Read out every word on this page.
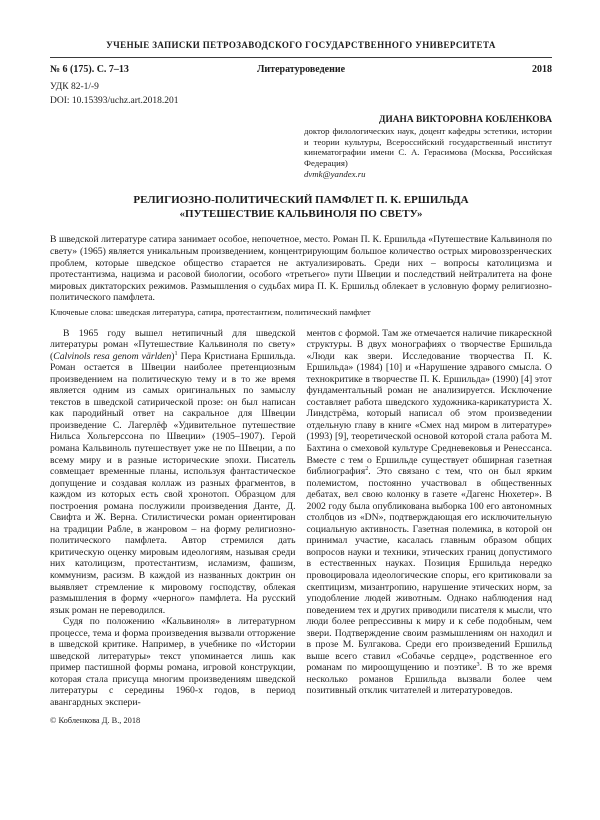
УЧЕНЫЕ ЗАПИСКИ ПЕТРОЗАВОДСКОГО ГОСУДАРСТВЕННОГО УНИВЕРСИТЕТА
№ 6 (175). С. 7–13	Литературоведение	2018
УДК 82-1/-9
DOI: 10.15393/uchz.art.2018.201
ДИАНА ВИКТОРОВНА КОБЛЕНКОВА
доктор филологических наук, доцент кафедры эстетики, истории и теории культуры, Всероссийский государственный институт кинематографии имени С. А. Герасимова (Москва, Российская Федерация)
dvmk@yandex.ru
РЕЛИГИОЗНО-ПОЛИТИЧЕСКИЙ ПАМФЛЕТ П. К. ЕРШИЛЬДА
«ПУТЕШЕСТВИЕ КАЛЬВИНОЛЯ ПО СВЕТУ»
В шведской литературе сатира занимает особое, непочетное, место. Роман П. К. Ершильда «Путешествие Кальвиноля по свету» (1965) является уникальным произведением, концентрирующим большое количество острых мировоззренческих проблем, которые шведское общество старается не актуализировать. Среди них – вопросы католицизма и протестантизма, нацизма и расовой биологии, особого «третьего» пути Швеции и последствий нейтралитета на фоне мировых диктаторских режимов. Размышления о судьбах мира П. К. Ершильд облекает в условную форму религиозно-политического памфлета.
Ключевые слова: шведская литература, сатира, протестантизм, политический памфлет

В 1965 году вышел нетипичный для шведской литературы роман «Путешествие Кальвиноля по свету» (Calvinols resa genom världen)$^1$ Пера Кристиана Ершильда. Роман остается в Швеции наиболее претенциозным произведением на политическую тему и в то же время является одним из самых оригинальных по замыслу текстов в шведской сатирической прозе: он был написан как пародийный ответ на сакральное для Швеции произведение С. Лагерлёф «Удивительное путешествие Нильса Хольгерссона по Швеции» (1905–1907). Герой романа Кальвиноль путешествует уже не по Швеции, а по всему миру и в разные исторические эпохи. Писатель совмещает временные планы, используя фантастическое допущение и создавая коллаж из разных фрагментов, в каждом из которых есть свой хронотоп. Образцом для построения романа послужили произведения Данте, Д. Свифта и Ж. Верна. Стилистически роман ориентирован на традиции Рабле, в жанровом – на форму религиозно-политического памфлета. Автор стремился дать критическую оценку мировым идеологиям, называя среди них католицизм, протестантизм, исламизм, фашизм, коммунизм, расизм. В каждой из названных доктрин он выявляет стремление к мировому господству, облекая размышления в форму «черного» памфлета. На русский язык роман не переводился.

Судя по положению «Кальвиноля» в литературном процессе, тема и форма произведения вызвали отторжение в шведской критике. Например, в учебнике по «Истории шведской литературы» текст упоминается лишь как пример пастишной формы романа, игровой конструкции, которая стала присуща многим произведениям шведской литературы с середины 1960-х годов, в период авангардных экспери-

ментов с формой. Там же отмечается наличие пикарескной структуры. В двух монографиях о творчестве Ершильда «Люди как звери. Исследование творчества П. К. Ершильда» (1984) [10] и «Нарушение здравого смысла. О технокритике в творчестве П. К. Ершильда» (1990) [4] этот фундаментальный роман не анализируется. Исключение составляет работа шведского художника-карикатуриста Х. Линдстрёма, который написал об этом произведении отдельную главу в книге «Смех над миром в литературе» (1993) [9], теоретической основой которой стала работа М. Бахтина о смеховой культуре Средневековья и Ренессанса. Вместе с тем о Ершильде существует обширная газетная библиография$^2$. Это связано с тем, что он был ярким полемистом, постоянно участвовал в общественных дебатах, вел свою колонку в газете «Дагенс Нюхетер». В 2002 году была опубликована выборка 100 его автономных столбцов из «DN», подтверждающая его исключительную социальную активность. Газетная полемика, в которой он принимал участие, касалась главным образом общих вопросов науки и техники, этических границ допустимого в естественных науках. Позиция Ершильда нередко провоцировала идеологические споры, его критиковали за скептицизм, мизантропию, нарушение этических норм, за уподобление людей животным. Однако наблюдения над поведением тех и других приводили писателя к мысли, что люди более репрессивны к миру и к себе подобным, чем звери. Подтверждение своим размышлениям он находил и в прозе М. Булгакова. Среди его произведений Ершильд выше всего ставил «Собачье сердце», родственное его романам по мироощущению и поэтике$^3$. В то же время несколько романов Ершильда вызвали более чем позитивный отклик читателей и литературоведов.

© Кобленкова Д. В., 2018
